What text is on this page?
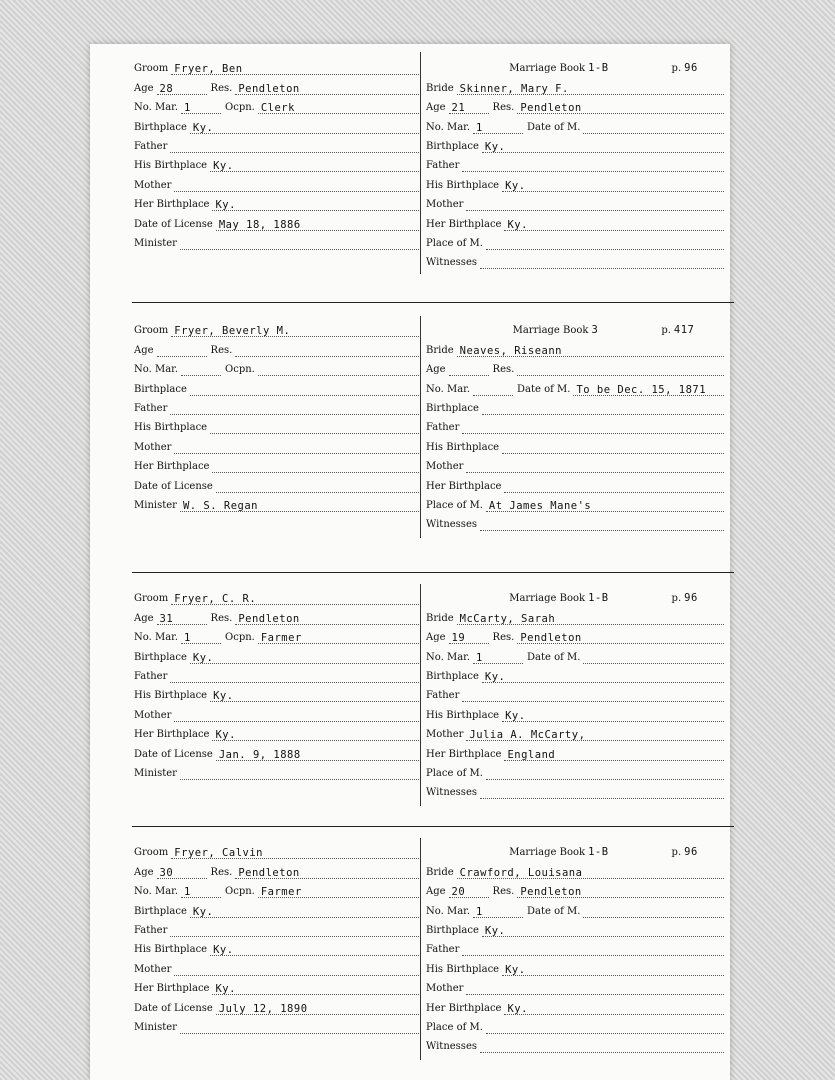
Groom Fryer, Ben
Age 28	Res. Pendleton
No. Mar. 1	Ocpn. Clerk
Birthplace Ky.
Father
His Birthplace Ky.
Mother
Her Birthplace Ky.
Date of License May 18, 1886
Minister
Marriage Book 1-B	p. 96
Bride Skinner, Mary F.
Age 21	Res. Pendleton
No. Mar. 1	Date of M.
Birthplace Ky.
Father
His Birthplace Ky.
Mother
Her Birthplace Ky.
Place of M.
Witnesses
Groom Fryer, Beverly M.
Age	Res.
No. Mar.	Ocpn.
Birthplace
Father
His Birthplace
Mother
Her Birthplace
Date of License
Minister W. S. Regan
Marriage Book 3	p. 417
Bride Neaves, Riseann
Age	Res.
No. Mar.	Date of M. To be Dec. 15, 1871
Birthplace
Father
His Birthplace
Mother
Her Birthplace
Place of M. At James Mane's
Witnesses
Groom Fryer, C. R.
Age 31	Res. Pendleton
No. Mar. 1	Ocpn. Farmer
Birthplace Ky.
Father
His Birthplace Ky.
Mother
Her Birthplace Ky.
Date of License Jan. 9, 1888
Minister
Marriage Book 1-B	p. 96
Bride McCarty, Sarah
Age 19	Res. Pendleton
No. Mar. 1	Date of M.
Birthplace Ky.
Father
His Birthplace Ky.
Mother Julia A. McCarty,
Her Birthplace England
Place of M.
Witnesses
Groom Fryer, Calvin
Age 30	Res. Pendleton
No. Mar. 1	Ocpn. Farmer
Birthplace Ky.
Father
His Birthplace Ky.
Mother
Her Birthplace Ky.
Date of License July 12, 1890
Minister
Marriage Book 1-B	p. 96
Bride Crawford, Louisana
Age 20	Res. Pendleton
No. Mar. 1	Date of M.
Birthplace Ky.
Father
His Birthplace Ky.
Mother
Her Birthplace Ky.
Place of M.
Witnesses
